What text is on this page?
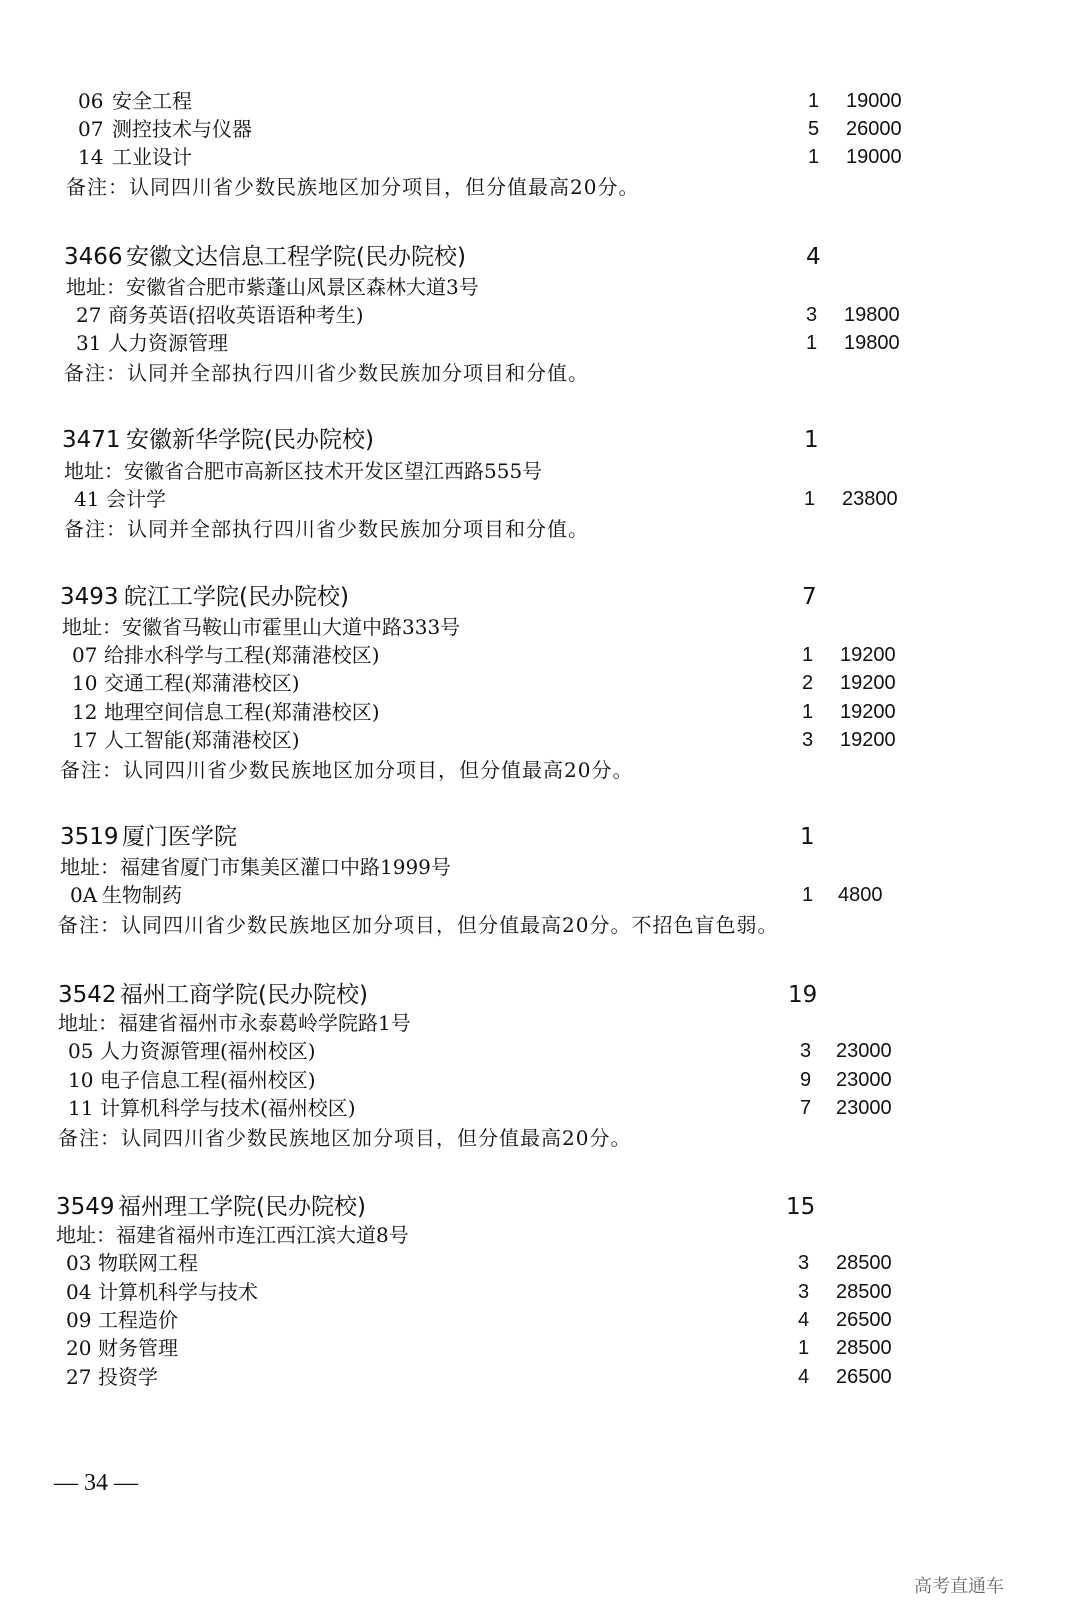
06 安全工程	1 19000
07 测控技术与仪器	5 26000
14 工业设计	1 19000
备注：认同四川省少数民族地区加分项目，但分值最高20分。
3466 安徽文达信息工程学院(民办院校)	4
地址：安徽省合肥市紫蓬山风景区森林大道3号
27 商务英语(招收英语语种考生)	3 19800
31 人力资源管理	1 19800
备注：认同并全部执行四川省少数民族加分项目和分值。
3471 安徽新华学院(民办院校)	1
地址：安徽省合肥市高新区技术开发区望江西路555号
41 会计学	1 23800
备注：认同并全部执行四川省少数民族加分项目和分值。
3493 皖江工学院(民办院校)	7
地址：安徽省马鞍山市霍里山大道中路333号
07 给排水科学与工程(郑蒲港校区)	1 19200
10 交通工程(郑蒲港校区)	2 19200
12 地理空间信息工程(郑蒲港校区)	1 19200
17 人工智能(郑蒲港校区)	3 19200
备注：认同四川省少数民族地区加分项目，但分值最高20分。
3519 厦门医学院	1
地址：福建省厦门市集美区灌口中路1999号
0A 生物制药	1 4800
备注：认同四川省少数民族地区加分项目，但分值最高20分。不招色盲色弱。
3542 福州工商学院(民办院校)	19
地址：福建省福州市永泰葛岭学院路1号
05 人力资源管理(福州校区)	3 23000
10 电子信息工程(福州校区)	9 23000
11 计算机科学与技术(福州校区)	7 23000
备注：认同四川省少数民族地区加分项目，但分值最高20分。
3549 福州理工学院(民办院校)	15
地址：福建省福州市连江西江滨大道8号
03 物联网工程	3 28500
04 计算机科学与技术	3 28500
09 工程造价	4 26500
20 财务管理	1 28500
27 投资学	4 26500
— 34 —
高考直通车
